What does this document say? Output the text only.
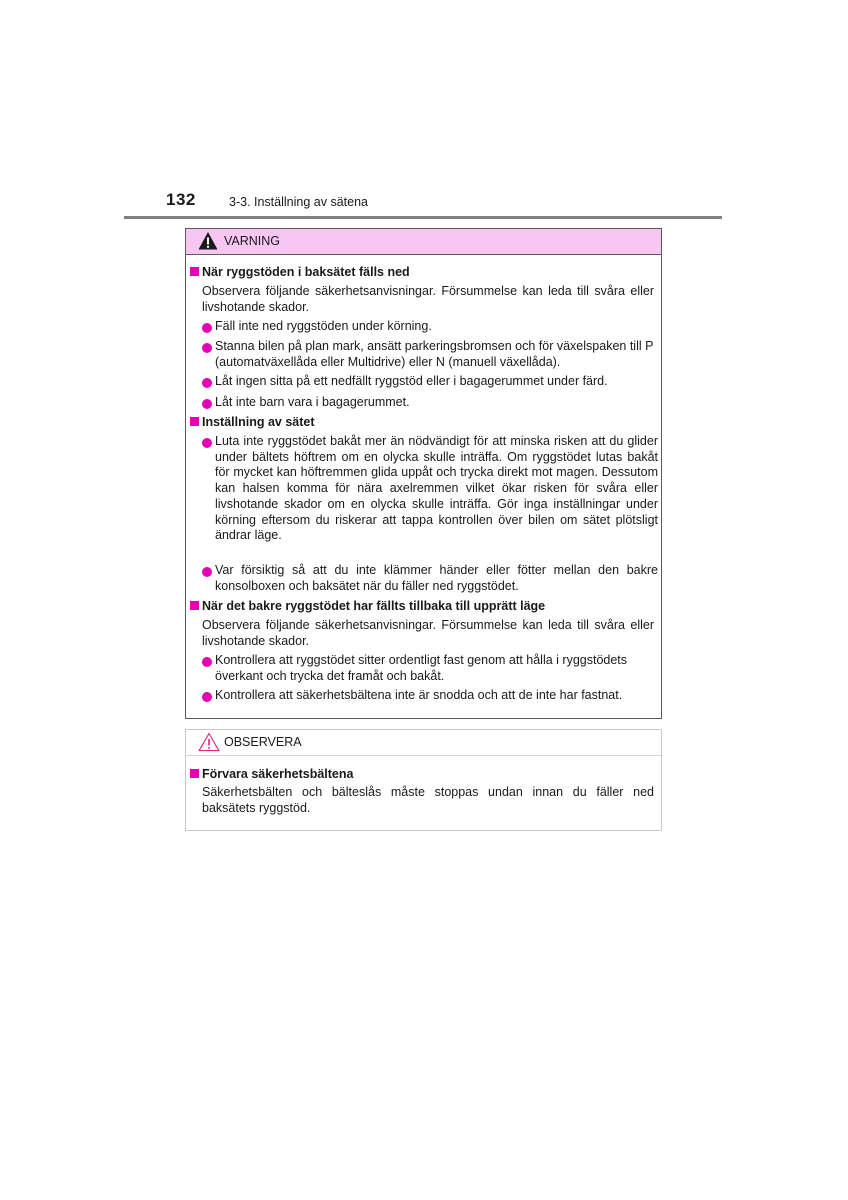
132	3-3. Inställning av sätena
VARNING
När ryggstöden i baksätet fälls ned
Observera följande säkerhetsanvisningar. Försummelse kan leda till svåra eller livshotande skador.
Fäll inte ned ryggstöden under körning.
Stanna bilen på plan mark, ansätt parkeringsbromsen och för växelspaken till P (automatväxellåda eller Multidrive) eller N (manuell växellåda).
Låt ingen sitta på ett nedfällt ryggstöd eller i bagagerummet under färd.
Låt inte barn vara i bagagerummet.
Inställning av sätet
Luta inte ryggstödet bakåt mer än nödvändigt för att minska risken att du glider under bältets höftrem om en olycka skulle inträffa. Om ryggstödet lutas bakåt för mycket kan höftremmen glida uppåt och trycka direkt mot magen. Dessutom kan halsen komma för nära axelremmen vilket ökar risken för svåra eller livshotande skador om en olycka skulle inträffa. Gör inga inställningar under körning eftersom du riskerar att tappa kontrollen över bilen om sätet plötsligt ändrar läge.
Var försiktig så att du inte klämmer händer eller fötter mellan den bakre konsolboxen och baksätet när du fäller ned ryggstödet.
När det bakre ryggstödet har fällts tillbaka till upprätt läge
Observera följande säkerhetsanvisningar. Försummelse kan leda till svåra eller livshotande skador.
Kontrollera att ryggstödet sitter ordentligt fast genom att hålla i ryggstödets överkant och trycka det framåt och bakåt.
Kontrollera att säkerhetsbältena inte är snodda och att de inte har fastnat.
OBSERVERA
Förvara säkerhetsbältena
Säkerhetsbälten och bälteslås måste stoppas undan innan du fäller ned baksätets ryggstöd.
